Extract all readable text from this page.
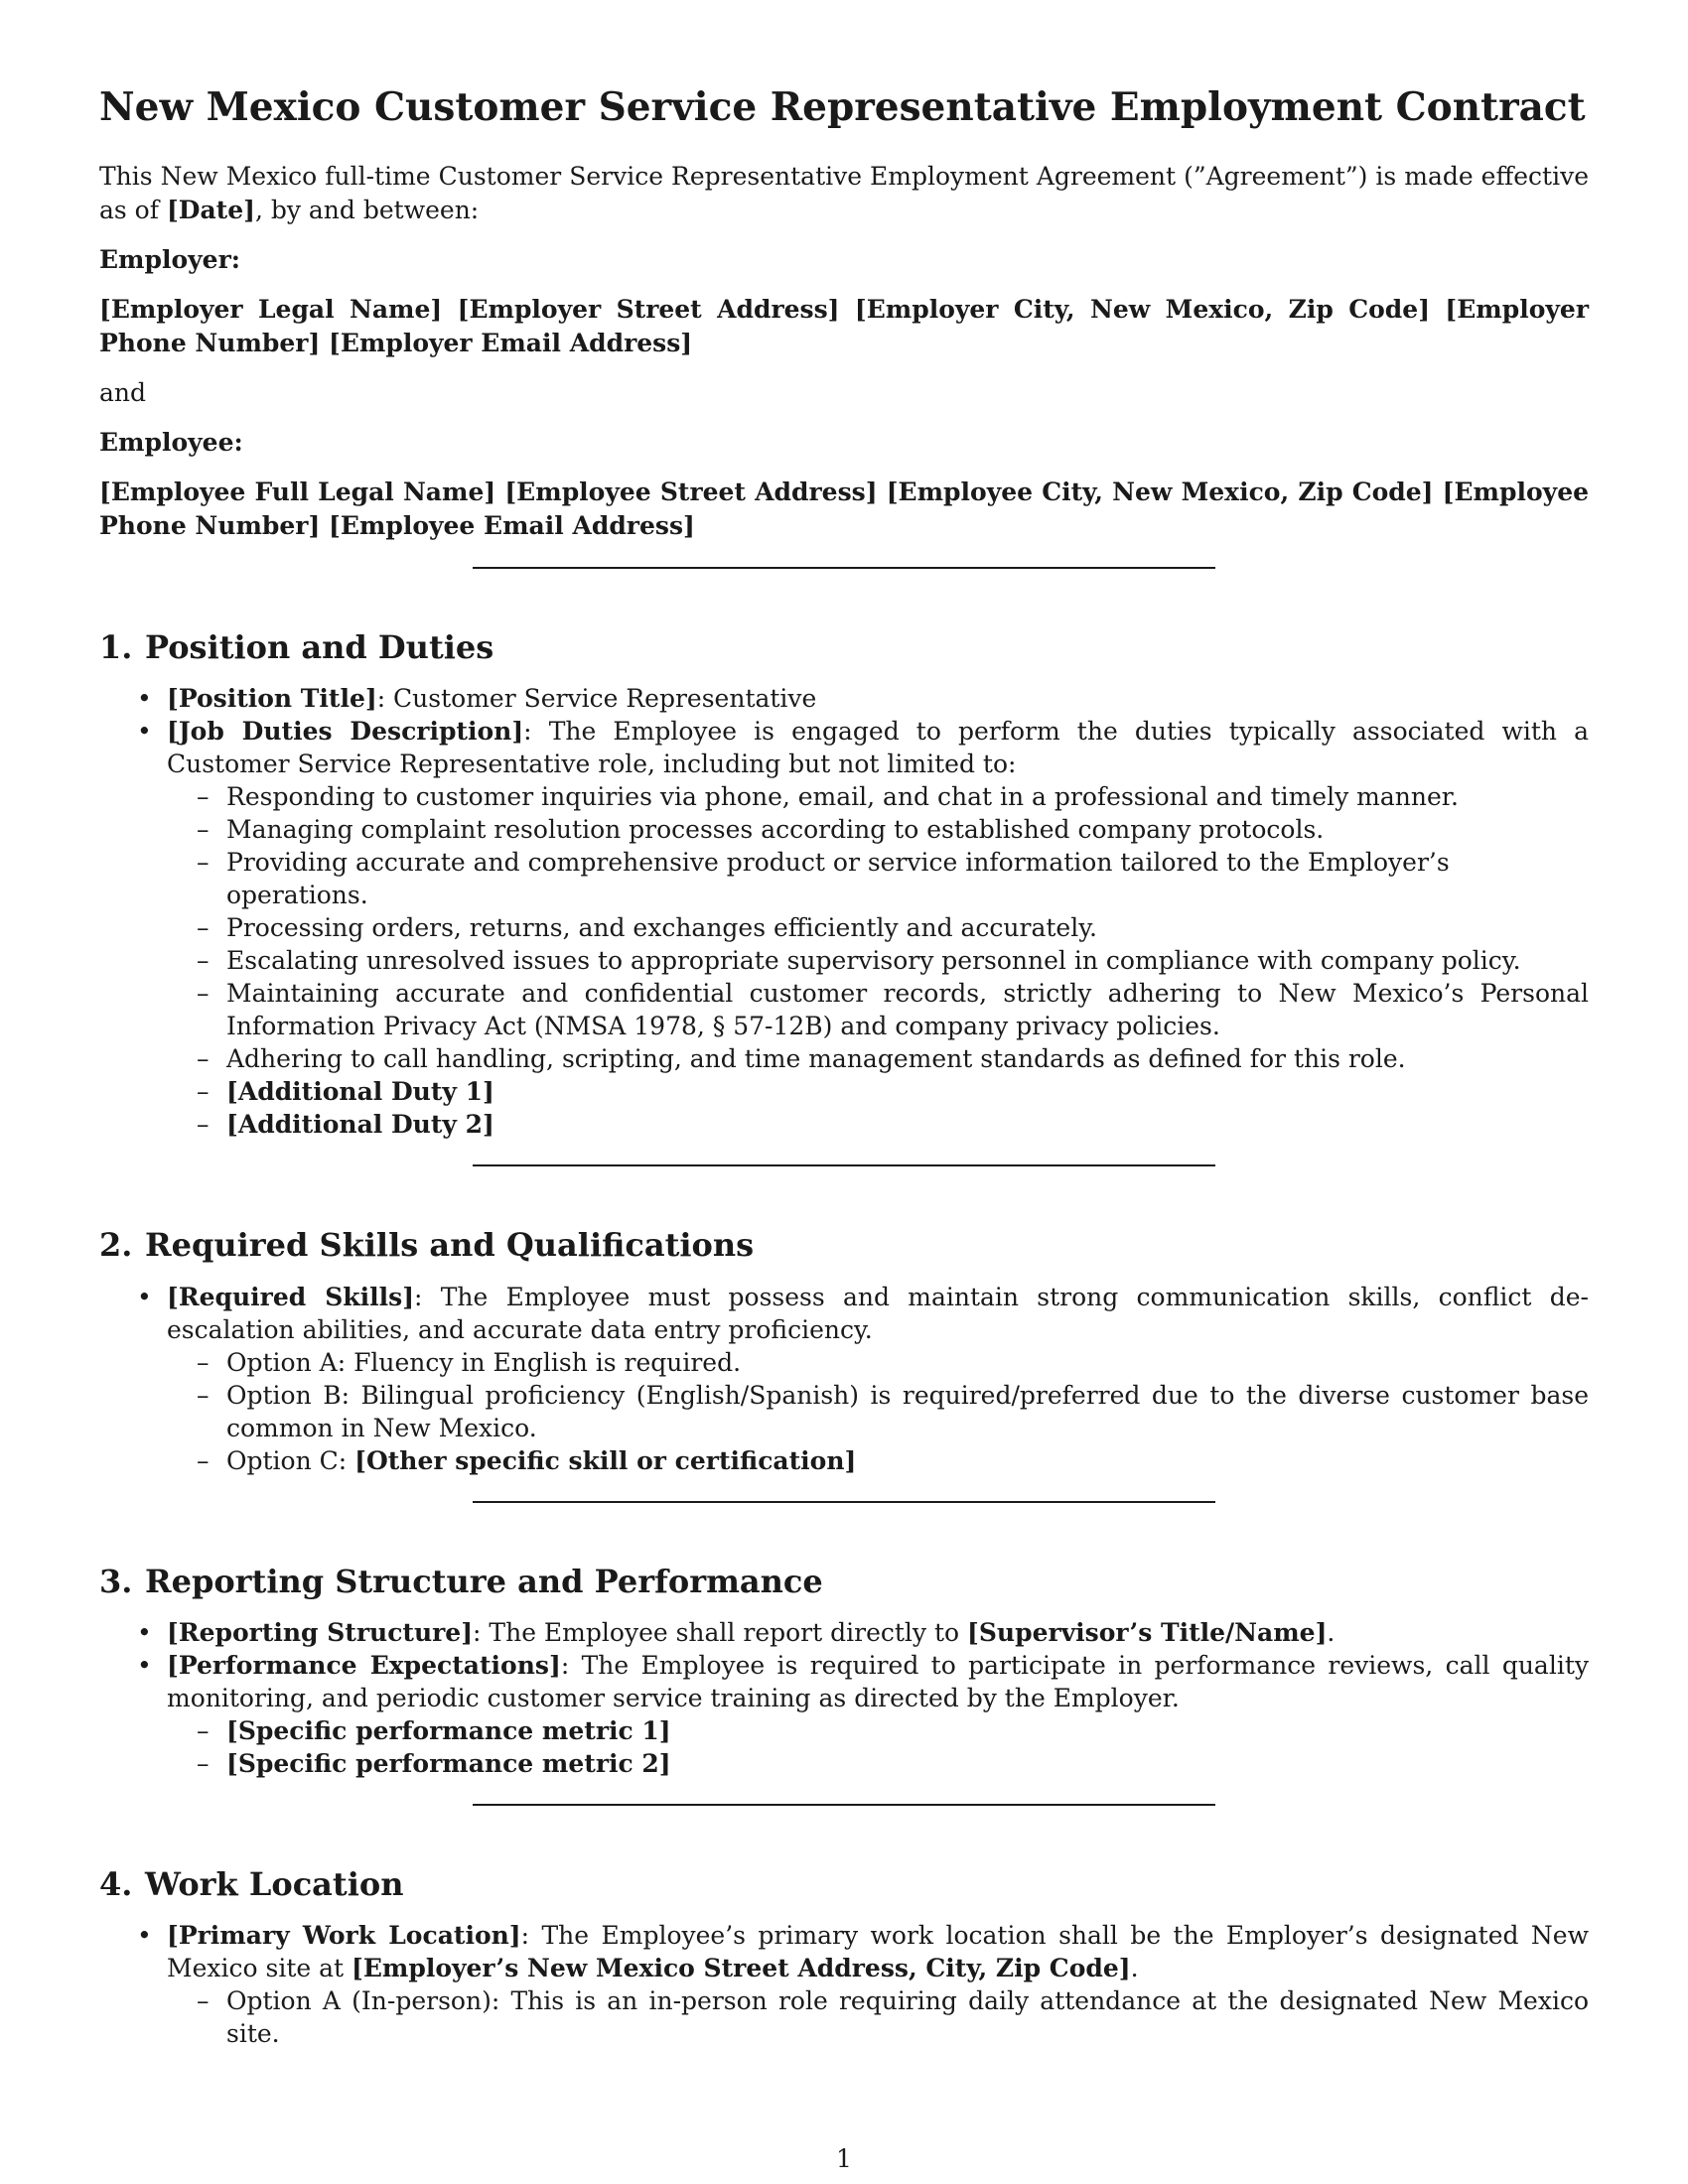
New Mexico Customer Service Representative Employment Contract

This New Mexico full-time Customer Service Representative Employment Agreement (”Agreement”) is made effective as of [Date], by and between:

Employer:

[Employer Legal Name] [Employer Street Address] [Employer City, New Mexico, Zip Code] [Employer Phone Number] [Employer Email Address]

and

Employee:

[Employee Full Legal Name] [Employee Street Address] [Employee City, New Mexico, Zip Code] [Employee Phone Number] [Employee Email Address]

1. Position and Duties
• [Position Title]: Customer Service Representative
• [Job Duties Description]: The Employee is engaged to perform the duties typically associated with a Customer Service Representative role, including but not limited to:
– Responding to customer inquiries via phone, email, and chat in a professional and timely manner.
– Managing complaint resolution processes according to established company protocols.
– Providing accurate and comprehensive product or service information tailored to the Employer’s operations.
– Processing orders, returns, and exchanges efficiently and accurately.
– Escalating unresolved issues to appropriate supervisory personnel in compliance with company policy.
– Maintaining accurate and confidential customer records, strictly adhering to New Mexico’s Personal Information Privacy Act (NMSA 1978, § 57-12B) and company privacy policies.
– Adhering to call handling, scripting, and time management standards as defined for this role.
– [Additional Duty 1]
– [Additional Duty 2]
2. Required Skills and Qualifications
• [Required Skills]: The Employee must possess and maintain strong communication skills, conflict de-escalation abilities, and accurate data entry proficiency.
– Option A: Fluency in English is required.
– Option B: Bilingual proficiency (English/Spanish) is required/preferred due to the diverse customer base common in New Mexico.
– Option C: [Other specific skill or certification]
3. Reporting Structure and Performance
• [Reporting Structure]: The Employee shall report directly to [Supervisor’s Title/Name].
• [Performance Expectations]: The Employee is required to participate in performance reviews, call quality monitoring, and periodic customer service training as directed by the Employer.
– [Specific performance metric 1]
– [Specific performance metric 2]
4. Work Location
• [Primary Work Location]: The Employee’s primary work location shall be the Employer’s designated New Mexico site at [Employer’s New Mexico Street Address, City, Zip Code].
– Option A (In-person): This is an in-person role requiring daily attendance at the designated New Mexico site.
1
